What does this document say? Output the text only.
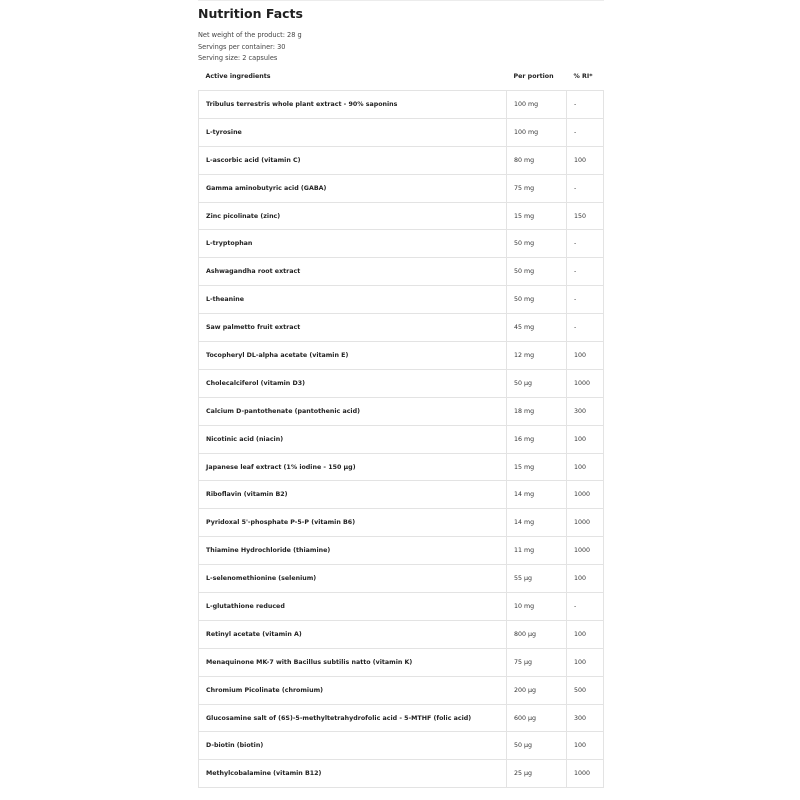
Nutrition Facts
Net weight of the product: 28 g
Servings per container: 30
Serving size: 2 capsules
Active ingredients	Per portion	% RI*
Tribulus terrestris whole plant extract - 90% saponins	100 mg	-
L-tyrosine	100 mg	-
L-ascorbic acid (vitamin C)	80 mg	100
Gamma aminobutyric acid (GABA)	75 mg	-
Zinc picolinate (zinc)	15 mg	150
L-tryptophan	50 mg	-
Ashwagandha root extract	50 mg	-
L-theanine	50 mg	-
Saw palmetto fruit extract	45 mg	-
Tocopheryl DL-alpha acetate (vitamin E)	12 mg	100
Cholecalciferol (vitamin D3)	50 µg	1000
Calcium D-pantothenate (pantothenic acid)	18 mg	300
Nicotinic acid (niacin)	16 mg	100
Japanese leaf extract (1% iodine - 150 µg)	15 mg	100
Riboflavin (vitamin B2)	14 mg	1000
Pyridoxal 5'-phosphate P-5-P (vitamin B6)	14 mg	1000
Thiamine Hydrochloride (thiamine)	11 mg	1000
L-selenomethionine (selenium)	55 µg	100
L-glutathione reduced	10 mg	-
Retinyl acetate (vitamin A)	800 µg	100
Menaquinone MK-7 with Bacillus subtilis natto (vitamin K)	75 µg	100
Chromium Picolinate (chromium)	200 µg	500
Glucosamine salt of (6S)-5-methyltetrahydrofolic acid - 5-MTHF (folic acid)	600 µg	300
D-biotin (biotin)	50 µg	100
Methylcobalamine (vitamin B12)	25 µg	1000
